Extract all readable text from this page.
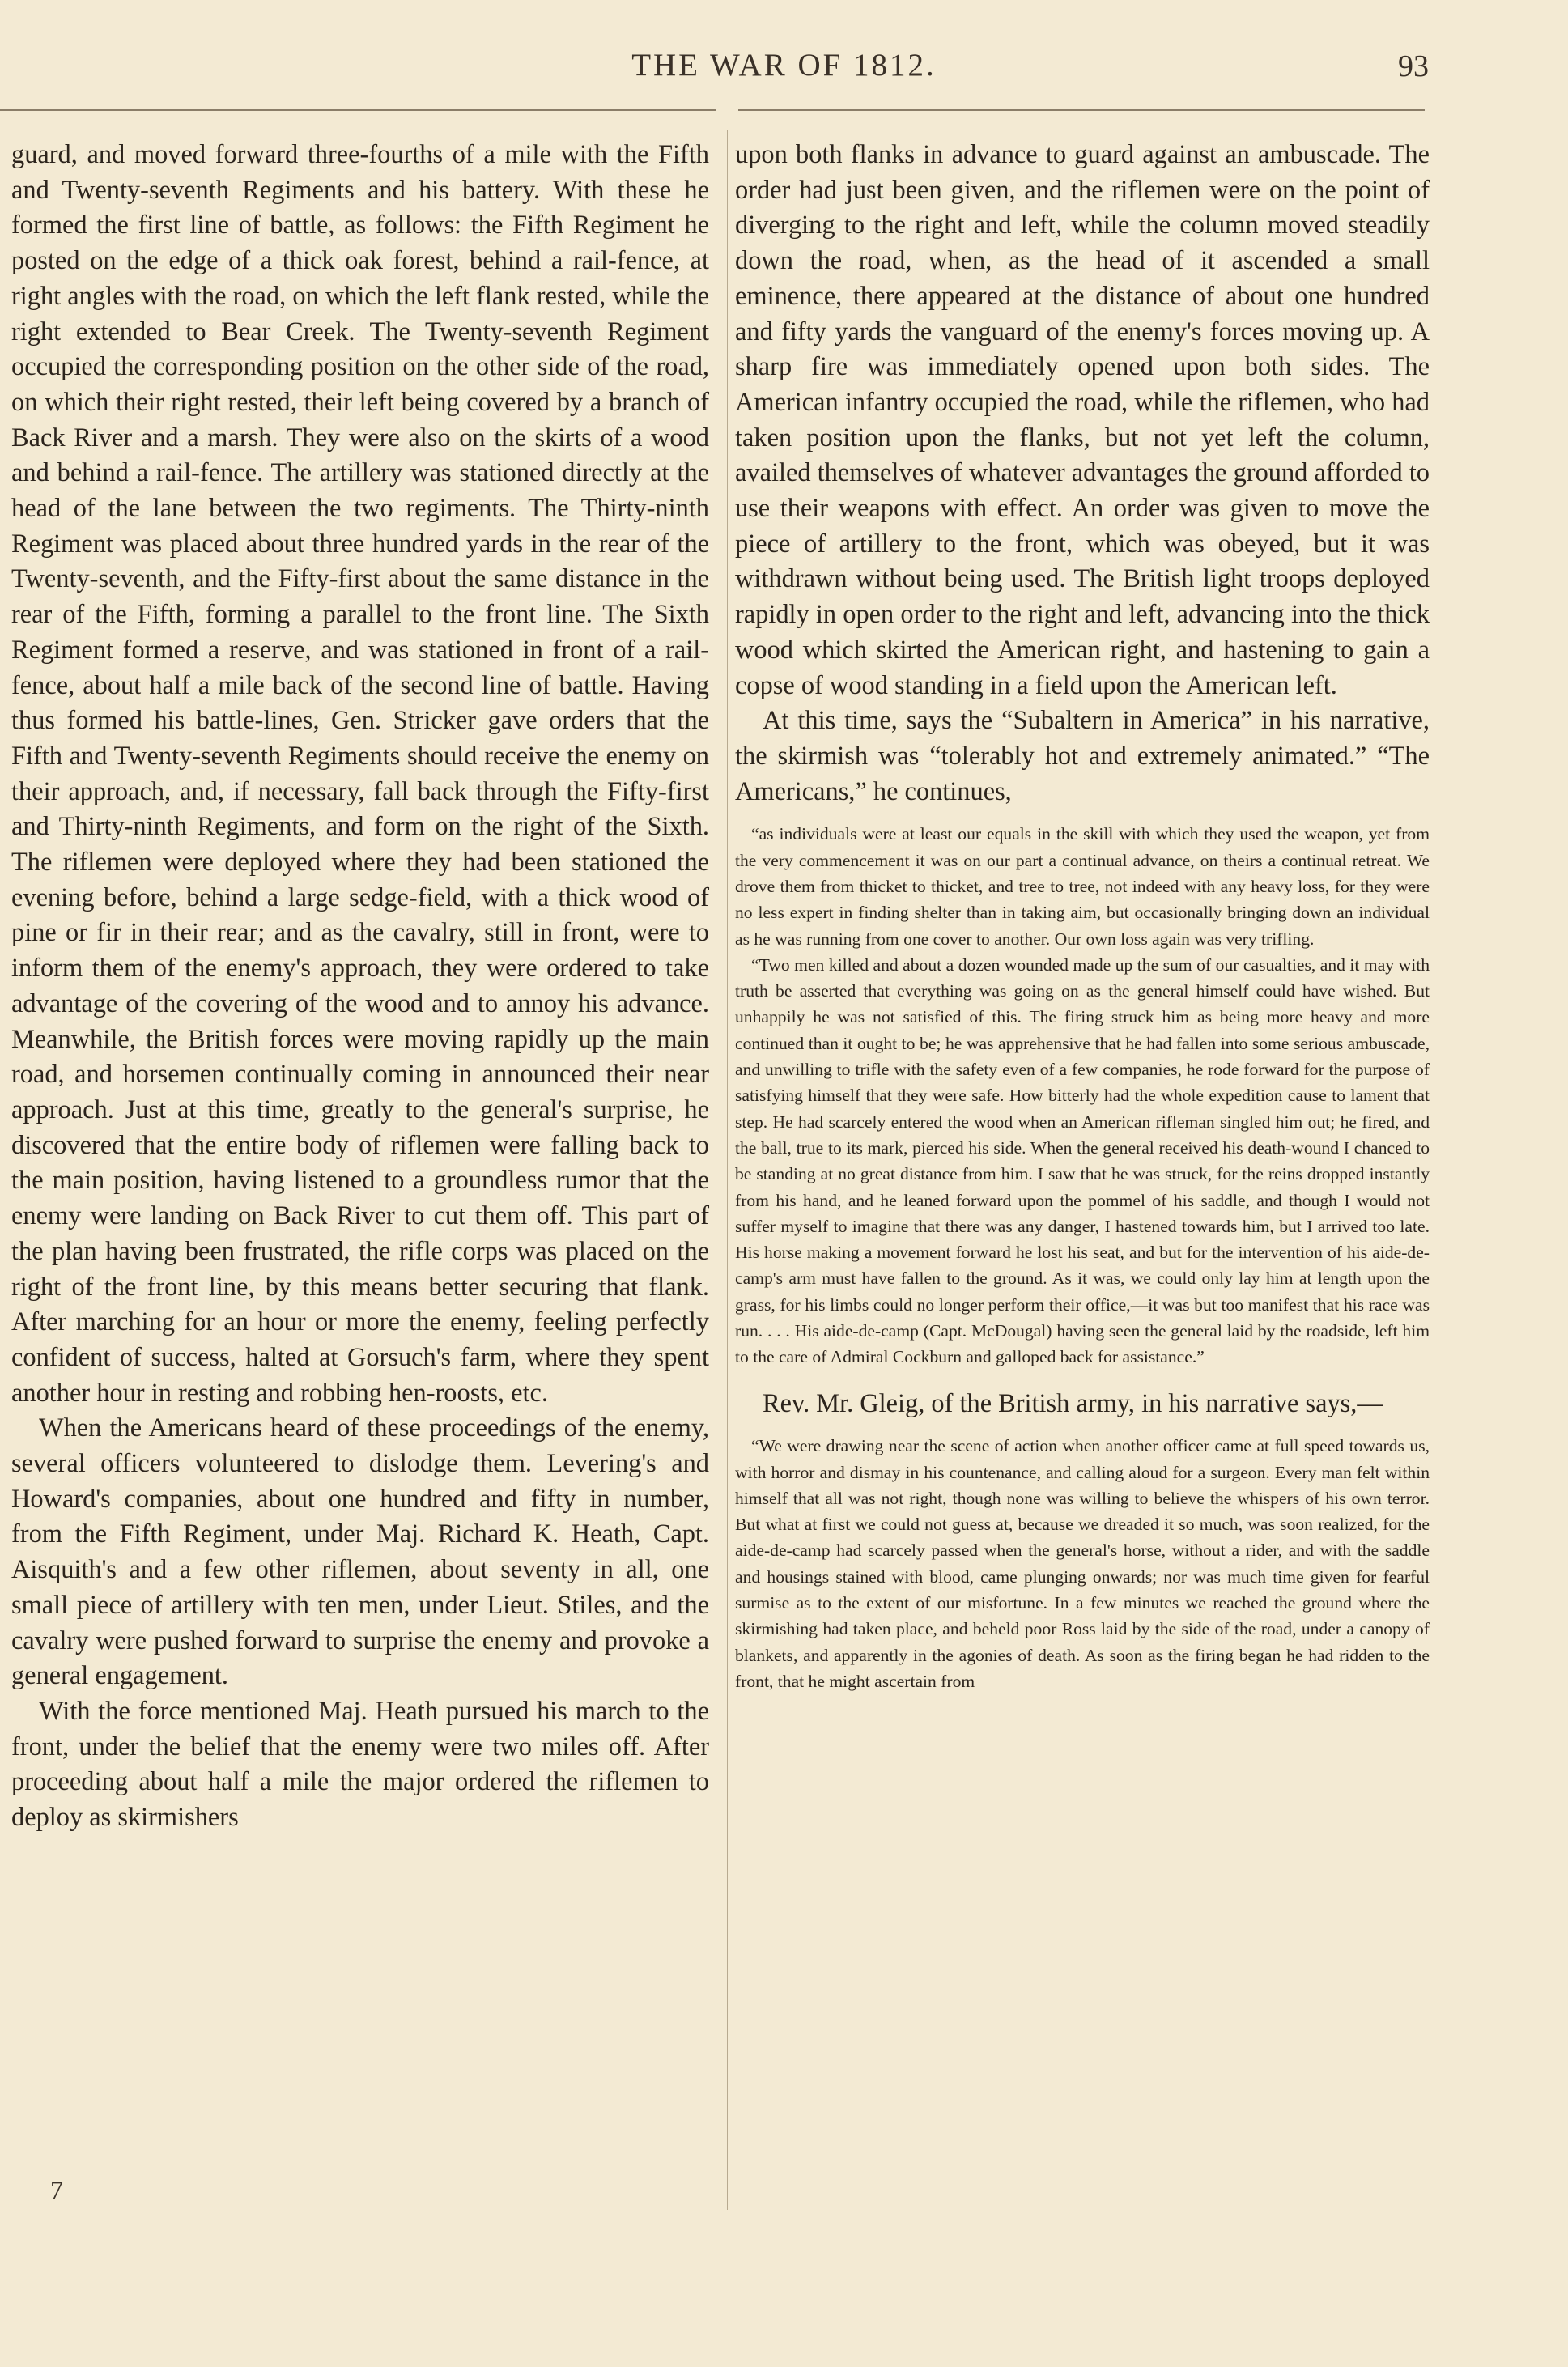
THE WAR OF 1812.	93

guard, and moved forward three-fourths of a mile with the Fifth and Twenty-seventh Regiments and his battery. With these he formed the first line of battle, as follows: the Fifth Regiment he posted on the edge of a thick oak forest, behind a rail-fence, at right angles with the road, on which the left flank rested, while the right extended to Bear Creek. The Twenty-seventh Regiment occupied the corresponding position on the other side of the road, on which their right rested, their left being covered by a branch of Back River and a marsh. They were also on the skirts of a wood and behind a rail-fence. The artillery was stationed directly at the head of the lane between the two regiments. The Thirty-ninth Regiment was placed about three hundred yards in the rear of the Twenty-seventh, and the Fifty-first about the same distance in the rear of the Fifth, forming a parallel to the front line. The Sixth Regiment formed a reserve, and was stationed in front of a rail-fence, about half a mile back of the second line of battle. Having thus formed his battle-lines, Gen. Stricker gave orders that the Fifth and Twenty-seventh Regiments should receive the enemy on their approach, and, if necessary, fall back through the Fifty-first and Thirty-ninth Regiments, and form on the right of the Sixth. The riflemen were deployed where they had been stationed the evening before, behind a large sedge-field, with a thick wood of pine or fir in their rear; and as the cavalry, still in front, were to inform them of the enemy's approach, they were ordered to take advantage of the covering of the wood and to annoy his advance. Meanwhile, the British forces were moving rapidly up the main road, and horsemen continually coming in announced their near approach. Just at this time, greatly to the general's surprise, he discovered that the entire body of riflemen were falling back to the main position, having listened to a groundless rumor that the enemy were landing on Back River to cut them off. This part of the plan having been frustrated, the rifle corps was placed on the right of the front line, by this means better securing that flank. After marching for an hour or more the enemy, feeling perfectly confident of success, halted at Gorsuch's farm, where they spent another hour in resting and robbing hen-roosts, etc.

When the Americans heard of these proceedings of the enemy, several officers volunteered to dislodge them. Levering's and Howard's companies, about one hundred and fifty in number, from the Fifth Regiment, under Maj. Richard K. Heath, Capt. Aisquith's and a few other riflemen, about seventy in all, one small piece of artillery with ten men, under Lieut. Stiles, and the cavalry were pushed forward to surprise the enemy and provoke a general engagement.

With the force mentioned Maj. Heath pursued his march to the front, under the belief that the enemy were two miles off. After proceeding about half a mile the major ordered the riflemen to deploy as skirmishers

7

upon both flanks in advance to guard against an ambuscade. The order had just been given, and the riflemen were on the point of diverging to the right and left, while the column moved steadily down the road, when, as the head of it ascended a small eminence, there appeared at the distance of about one hundred and fifty yards the vanguard of the enemy's forces moving up. A sharp fire was immediately opened upon both sides. The American infantry occupied the road, while the riflemen, who had taken position upon the flanks, but not yet left the column, availed themselves of whatever advantages the ground afforded to use their weapons with effect. An order was given to move the piece of artillery to the front, which was obeyed, but it was withdrawn without being used. The British light troops deployed rapidly in open order to the right and left, advancing into the thick wood which skirted the American right, and hastening to gain a copse of wood standing in a field upon the American left.

At this time, says the “Subaltern in America” in his narrative, the skirmish was “tolerably hot and extremely animated.” “The Americans,” he continues,

“as individuals were at least our equals in the skill with which they used the weapon, yet from the very commencement it was on our part a continual advance, on theirs a continual retreat. We drove them from thicket to thicket, and tree to tree, not indeed with any heavy loss, for they were no less expert in finding shelter than in taking aim, but occasionally bringing down an individual as he was running from one cover to another. Our own loss again was very trifling.

“Two men killed and about a dozen wounded made up the sum of our casualties, and it may with truth be asserted that everything was going on as the general himself could have wished. But unhappily he was not satisfied of this. The firing struck him as being more heavy and more continued than it ought to be; he was apprehensive that he had fallen into some serious ambuscade, and unwilling to trifle with the safety even of a few companies, he rode forward for the purpose of satisfying himself that they were safe. How bitterly had the whole expedition cause to lament that step. He had scarcely entered the wood when an American rifleman singled him out; he fired, and the ball, true to its mark, pierced his side. When the general received his death-wound I chanced to be standing at no great distance from him. I saw that he was struck, for the reins dropped instantly from his hand, and he leaned forward upon the pommel of his saddle, and though I would not suffer myself to imagine that there was any danger, I hastened towards him, but I arrived too late. His horse making a movement forward he lost his seat, and but for the intervention of his aide-de-camp's arm must have fallen to the ground. As it was, we could only lay him at length upon the grass, for his limbs could no longer perform their office,—it was but too manifest that his race was run. . . . His aide-de-camp (Capt. McDougal) having seen the general laid by the roadside, left him to the care of Admiral Cockburn and galloped back for assistance.”

Rev. Mr. Gleig, of the British army, in his narrative says,—

“We were drawing near the scene of action when another officer came at full speed towards us, with horror and dismay in his countenance, and calling aloud for a surgeon. Every man felt within himself that all was not right, though none was willing to believe the whispers of his own terror. But what at first we could not guess at, because we dreaded it so much, was soon realized, for the aide-de-camp had scarcely passed when the general's horse, without a rider, and with the saddle and housings stained with blood, came plunging onwards; nor was much time given for fearful surmise as to the extent of our misfortune. In a few minutes we reached the ground where the skirmishing had taken place, and beheld poor Ross laid by the side of the road, under a canopy of blankets, and apparently in the agonies of death. As soon as the firing began he had ridden to the front, that he might ascertain from
